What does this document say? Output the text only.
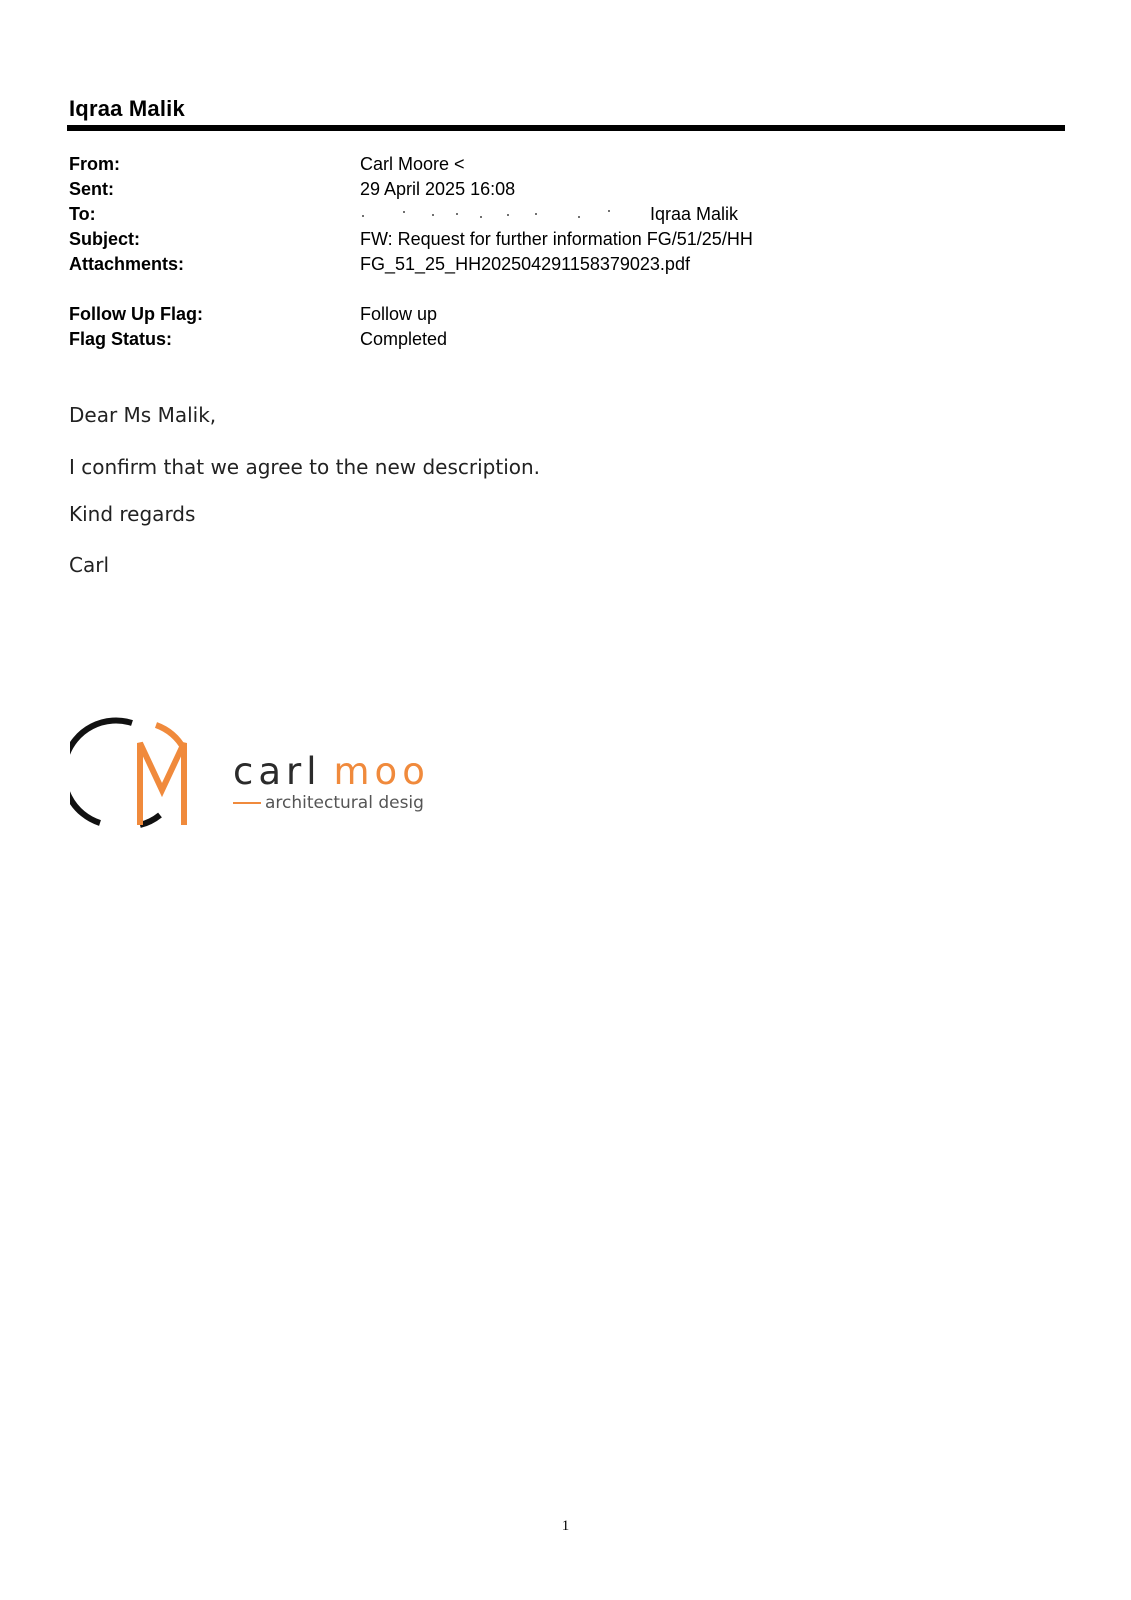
Iqraa Malik
From:	Carl Moore <
Sent:	29 April 2025 16:08
To:	Iqraa Malik
Subject:	FW: Request for further information FG/51/25/HH
Attachments:	FG_51_25_HH202504291158379023.pdf
Follow Up Flag:	Follow up
Flag Status:	Completed
Dear Ms Malik,
I confirm that we agree to the new description.
Kind regards
Carl
carl moo
architectural desig
1
